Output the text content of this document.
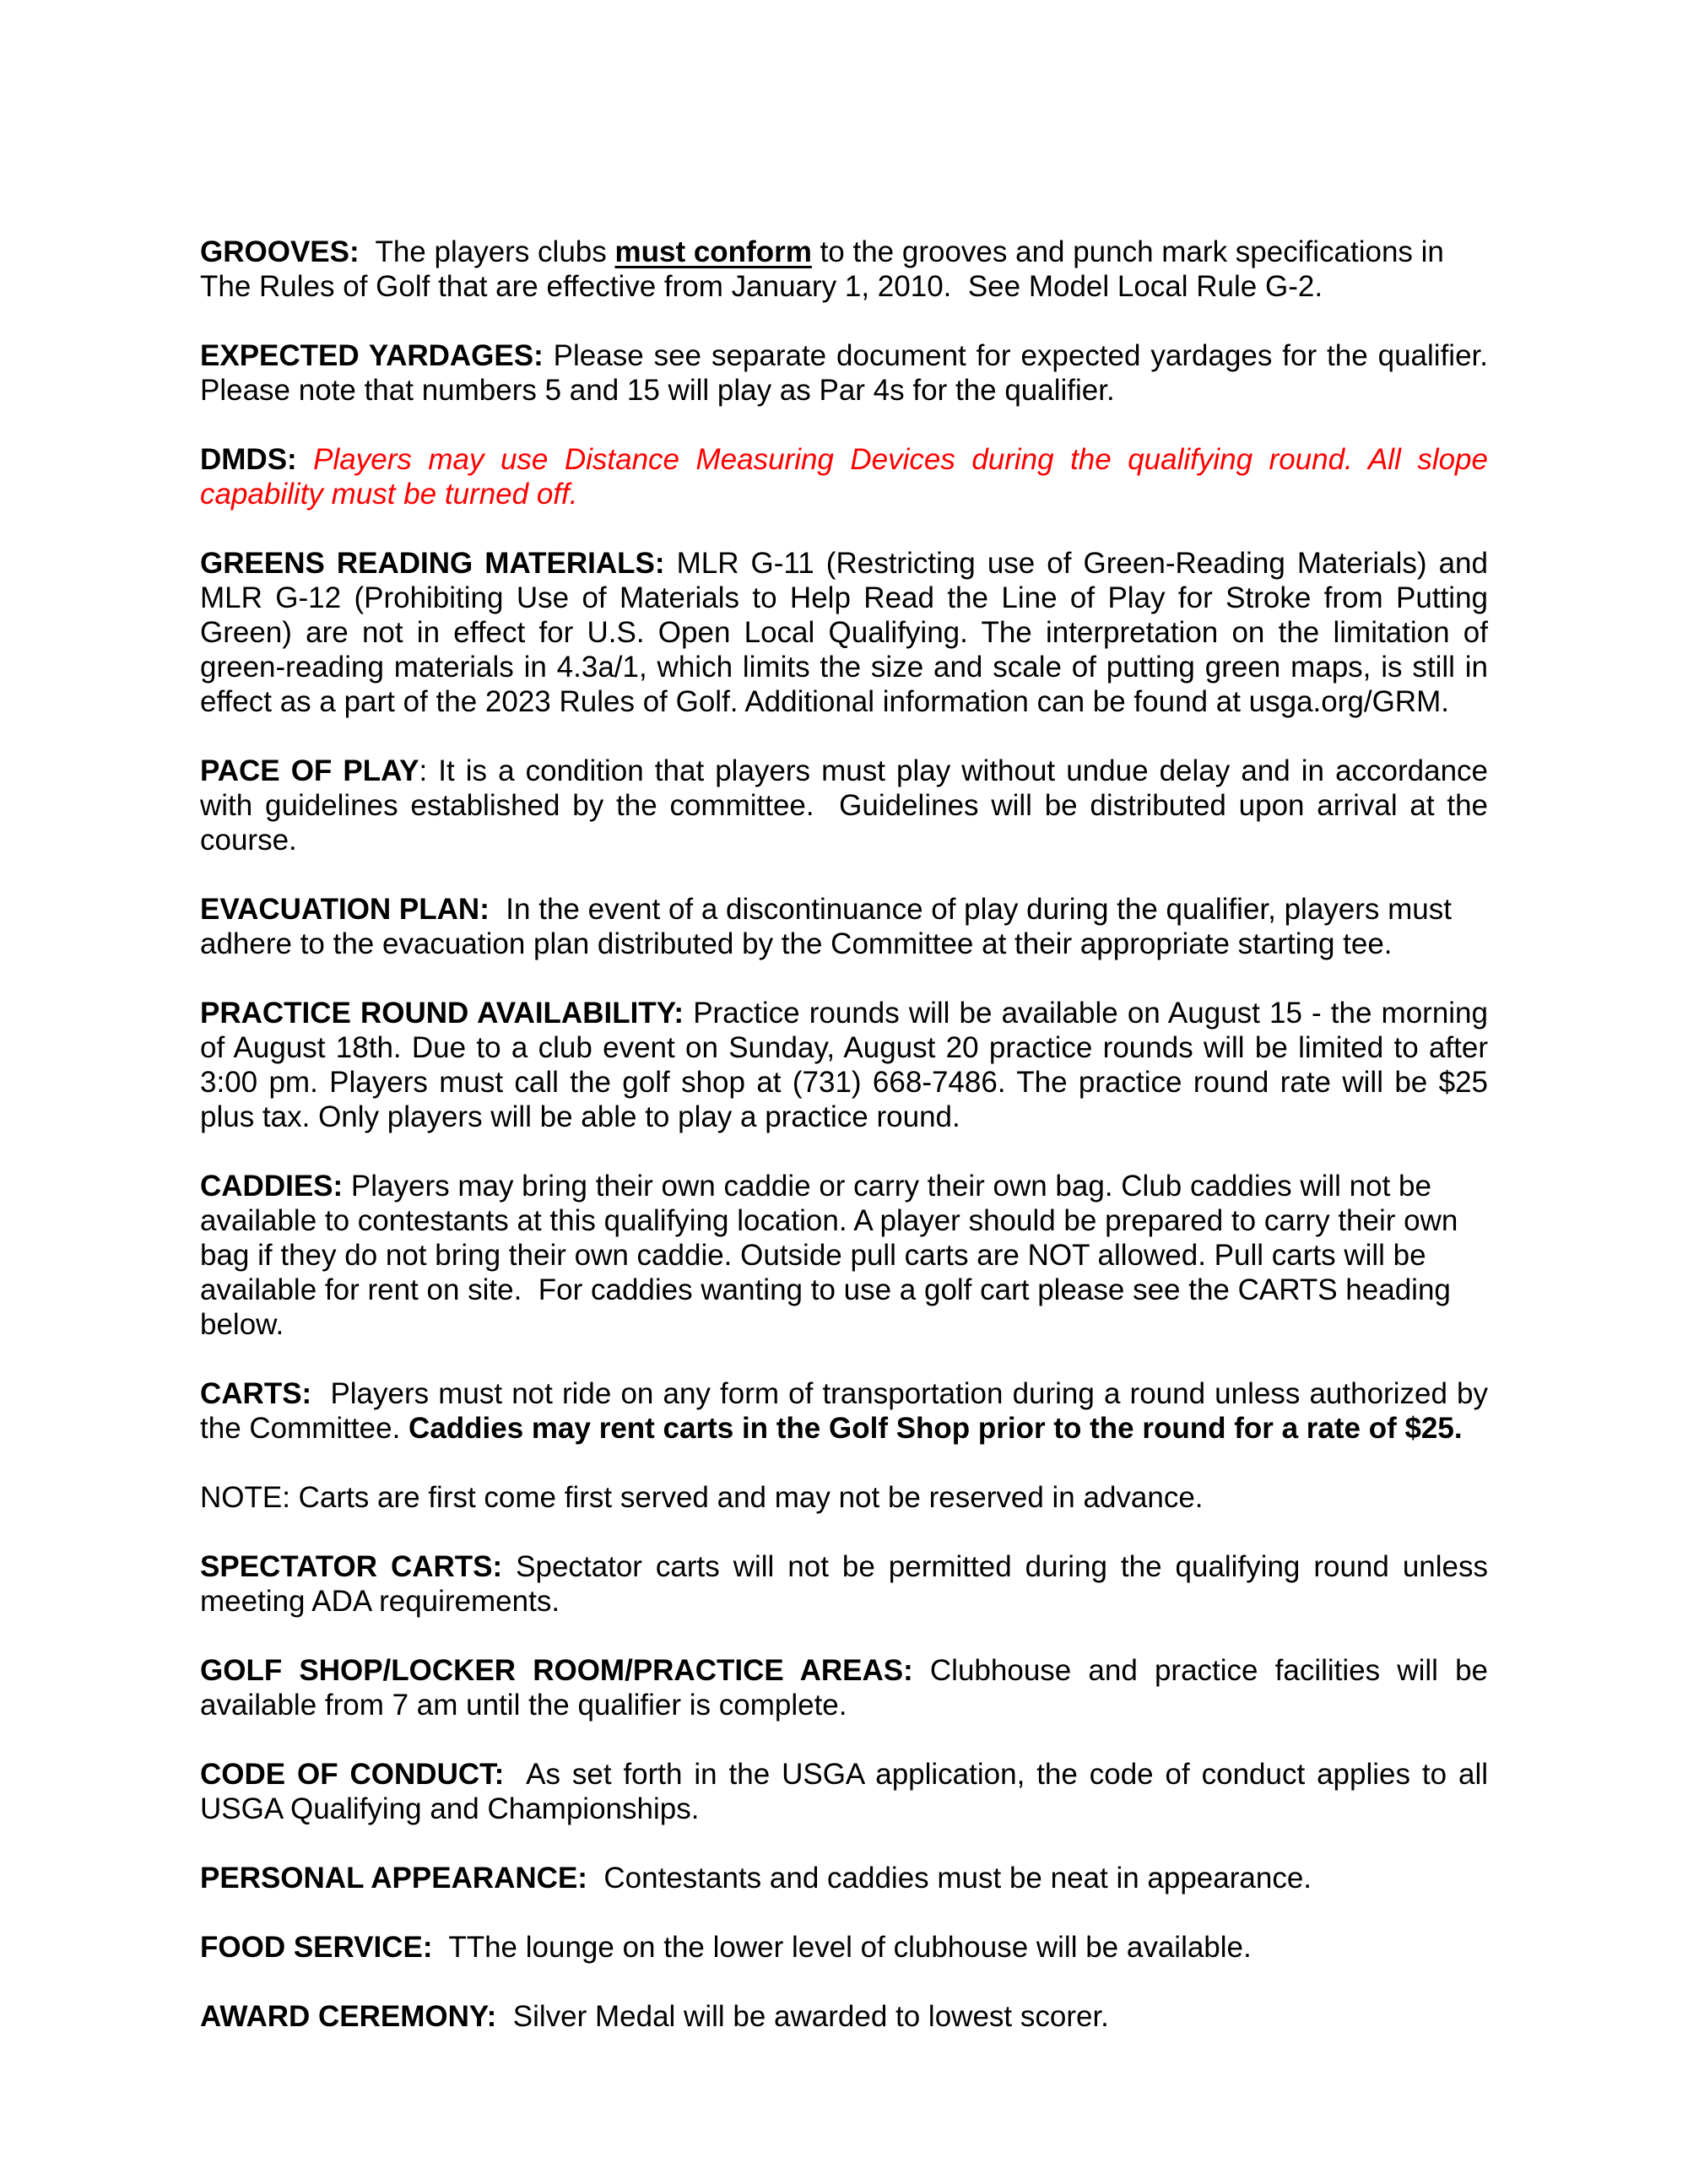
GROOVES:  The players clubs must conform to the grooves and punch mark specifications in The Rules of Golf that are effective from January 1, 2010.  See Model Local Rule G-2.

EXPECTED YARDAGES: Please see separate document for expected yardages for the qualifier. Please note that numbers 5 and 15 will play as Par 4s for the qualifier.

DMDS: Players may use Distance Measuring Devices during the qualifying round. All slope capability must be turned off.

GREENS READING MATERIALS: MLR G-11 (Restricting use of Green-Reading Materials) and MLR G-12 (Prohibiting Use of Materials to Help Read the Line of Play for Stroke from Putting Green) are not in effect for U.S. Open Local Qualifying. The interpretation on the limitation of green-reading materials in 4.3a/1, which limits the size and scale of putting green maps, is still in effect as a part of the 2023 Rules of Golf. Additional information can be found at usga.org/GRM.

PACE OF PLAY: It is a condition that players must play without undue delay and in accordance with guidelines established by the committee.  Guidelines will be distributed upon arrival at the course.

EVACUATION PLAN:  In the event of a discontinuance of play during the qualifier, players must adhere to the evacuation plan distributed by the Committee at their appropriate starting tee.

PRACTICE ROUND AVAILABILITY: Practice rounds will be available on August 15 - the morning of August 18th. Due to a club event on Sunday, August 20 practice rounds will be limited to after 3:00 pm. Players must call the golf shop at (731) 668-7486. The practice round rate will be $25 plus tax. Only players will be able to play a practice round.

CADDIES: Players may bring their own caddie or carry their own bag. Club caddies will not be available to contestants at this qualifying location. A player should be prepared to carry their own bag if they do not bring their own caddie. Outside pull carts are NOT allowed. Pull carts will be available for rent on site.  For caddies wanting to use a golf cart please see the CARTS heading below.

CARTS:  Players must not ride on any form of transportation during a round unless authorized by the Committee. Caddies may rent carts in the Golf Shop prior to the round for a rate of $25.

NOTE: Carts are first come first served and may not be reserved in advance.

SPECTATOR CARTS: Spectator carts will not be permitted during the qualifying round unless meeting ADA requirements.

GOLF SHOP/LOCKER ROOM/PRACTICE AREAS: Clubhouse and practice facilities will be available from 7 am until the qualifier is complete.

CODE OF CONDUCT:  As set forth in the USGA application, the code of conduct applies to all USGA Qualifying and Championships.

PERSONAL APPEARANCE:  Contestants and caddies must be neat in appearance.

FOOD SERVICE:  TThe lounge on the lower level of clubhouse will be available.

AWARD CEREMONY:  Silver Medal will be awarded to lowest scorer.
